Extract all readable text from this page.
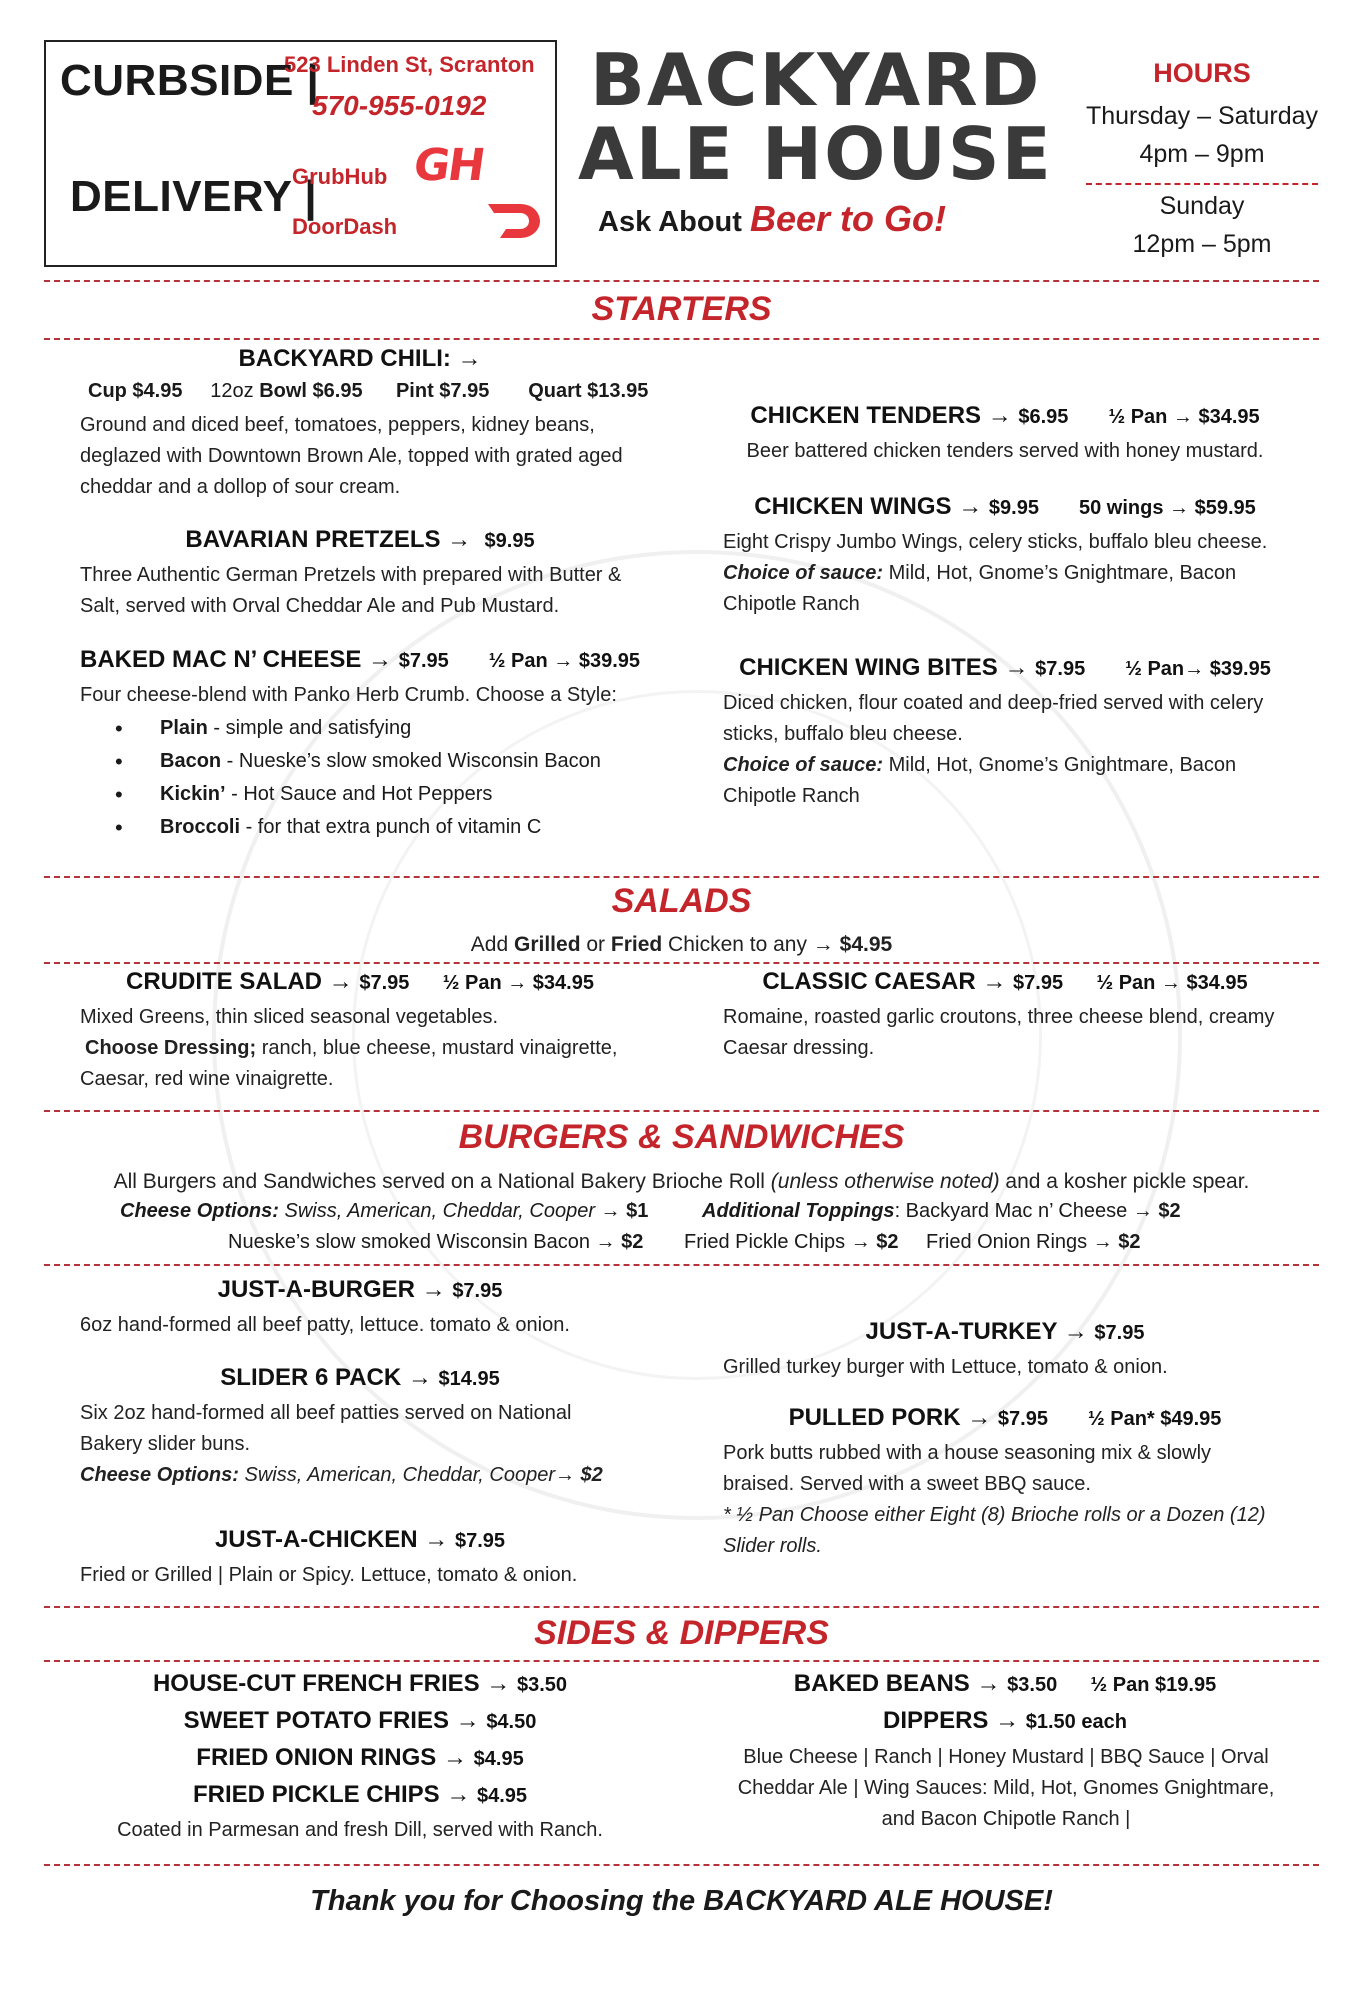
CURBSIDE |
DELIVERY |
523 Linden St, Scranton
570-955-0192
GrubHub
DoorDash
GH
BACKYARD
ALE HOUSE
Ask About Beer to Go!
HOURS
Thursday – Saturday
4pm – 9pm
Sunday
12pm – 5pm
STARTERS
BACKYARD CHILI: →
Cup $4.95 12oz Bowl $6.95 Pint $7.95 Quart $13.95
Ground and diced beef, tomatoes, peppers, kidney beans, deglazed with Downtown Brown Ale, topped with grated aged cheddar and a dollop of sour cream.
BAVARIAN PRETZELS → $9.95
Three Authentic German Pretzels with prepared with Butter & Salt, served with Orval Cheddar Ale and Pub Mustard.
BAKED MAC N’ CHEESE → $7.95 ½ Pan → $39.95
Four cheese-blend with Panko Herb Crumb. Choose a Style:
• Plain - simple and satisfying
• Bacon - Nueske’s slow smoked Wisconsin Bacon
• Kickin’ - Hot Sauce and Hot Peppers
• Broccoli - for that extra punch of vitamin C
CHICKEN TENDERS → $6.95 ½ Pan → $34.95
Beer battered chicken tenders served with honey mustard.
CHICKEN WINGS → $9.95 50 wings → $59.95
Eight Crispy Jumbo Wings, celery sticks, buffalo bleu cheese.
Choice of sauce: Mild, Hot, Gnome’s Gnightmare, Bacon Chipotle Ranch
CHICKEN WING BITES → $7.95 ½ Pan→ $39.95
Diced chicken, flour coated and deep-fried served with celery sticks, buffalo bleu cheese.
Choice of sauce: Mild, Hot, Gnome’s Gnightmare, Bacon Chipotle Ranch
SALADS
Add Grilled or Fried Chicken to any → $4.95
CRUDITE SALAD → $7.95 ½ Pan → $34.95
Mixed Greens, thin sliced seasonal vegetables.
Choose Dressing; ranch, blue cheese, mustard vinaigrette, Caesar, red wine vinaigrette.
CLASSIC CAESAR → $7.95 ½ Pan → $34.95
Romaine, roasted garlic croutons, three cheese blend, creamy Caesar dressing.
BURGERS & SANDWICHES
All Burgers and Sandwiches served on a National Bakery Brioche Roll (unless otherwise noted) and a kosher pickle spear.
Cheese Options: Swiss, American, Cheddar, Cooper → $1	Additional Toppings: Backyard Mac n’ Cheese → $2
Nueske’s slow smoked Wisconsin Bacon → $2 Fried Pickle Chips → $2 Fried Onion Rings → $2
JUST-A-BURGER → $7.95
6oz hand-formed all beef patty, lettuce. tomato & onion.
SLIDER 6 PACK → $14.95
Six 2oz hand-formed all beef patties served on National Bakery slider buns.
Cheese Options: Swiss, American, Cheddar, Cooper→ $2
JUST-A-CHICKEN → $7.95
Fried or Grilled | Plain or Spicy. Lettuce, tomato & onion.
JUST-A-TURKEY → $7.95
Grilled turkey burger with Lettuce, tomato & onion.
PULLED PORK → $7.95 ½ Pan* $49.95
Pork butts rubbed with a house seasoning mix & slowly braised. Served with a sweet BBQ sauce.
* ½ Pan Choose either Eight (8) Brioche rolls or a Dozen (12) Slider rolls.
SIDES & DIPPERS
HOUSE-CUT FRENCH FRIES → $3.50
SWEET POTATO FRIES → $4.50
FRIED ONION RINGS → $4.95
FRIED PICKLE CHIPS → $4.95
Coated in Parmesan and fresh Dill, served with Ranch.
BAKED BEANS → $3.50 ½ Pan $19.95
DIPPERS → $1.50 each
Blue Cheese | Ranch | Honey Mustard | BBQ Sauce | Orval Cheddar Ale | Wing Sauces: Mild, Hot, Gnomes Gnightmare, and Bacon Chipotle Ranch |
Thank you for Choosing the BACKYARD ALE HOUSE!
